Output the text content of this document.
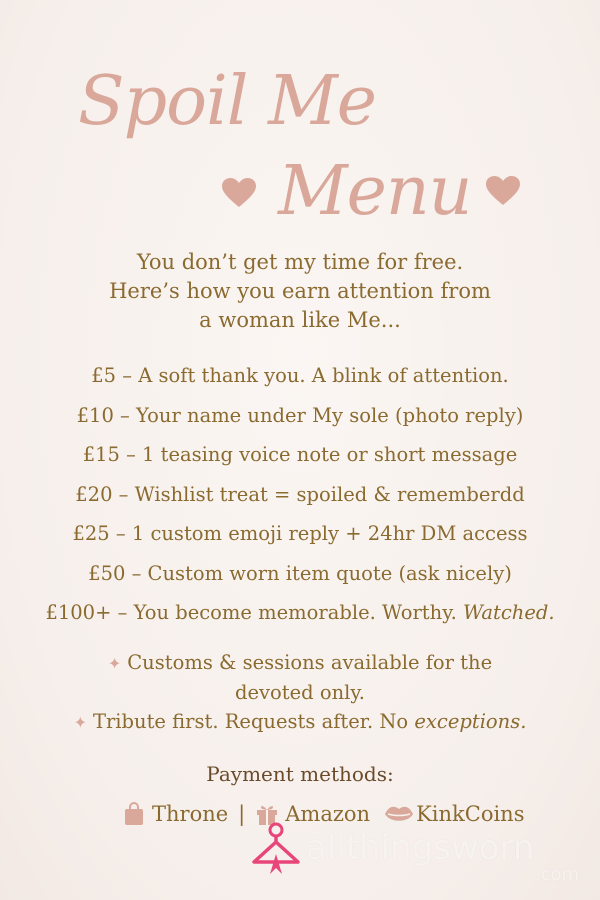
Spoil Me
Menu
You don’t get my time for free.
Here’s how you earn attention from
a woman like Me...
£5 – A soft thank you. A blink of attention.
£10 – Your name under My sole (photo reply)
£15 – 1 teasing voice note or short message
£20 – Wishlist treat = spoiled & rememberdd
£25 – 1 custom emoji reply + 24hr DM access
£50 – Custom worn item quote (ask nicely)
£100+ – You become memorable. Worthy. Watched.
✦ Customs & sessions available for the
devoted only.
✦ Tribute first. Requests after. No exceptions.
Payment methods:
Throne | Amazon KinkCoins
allthingsworn
.com
